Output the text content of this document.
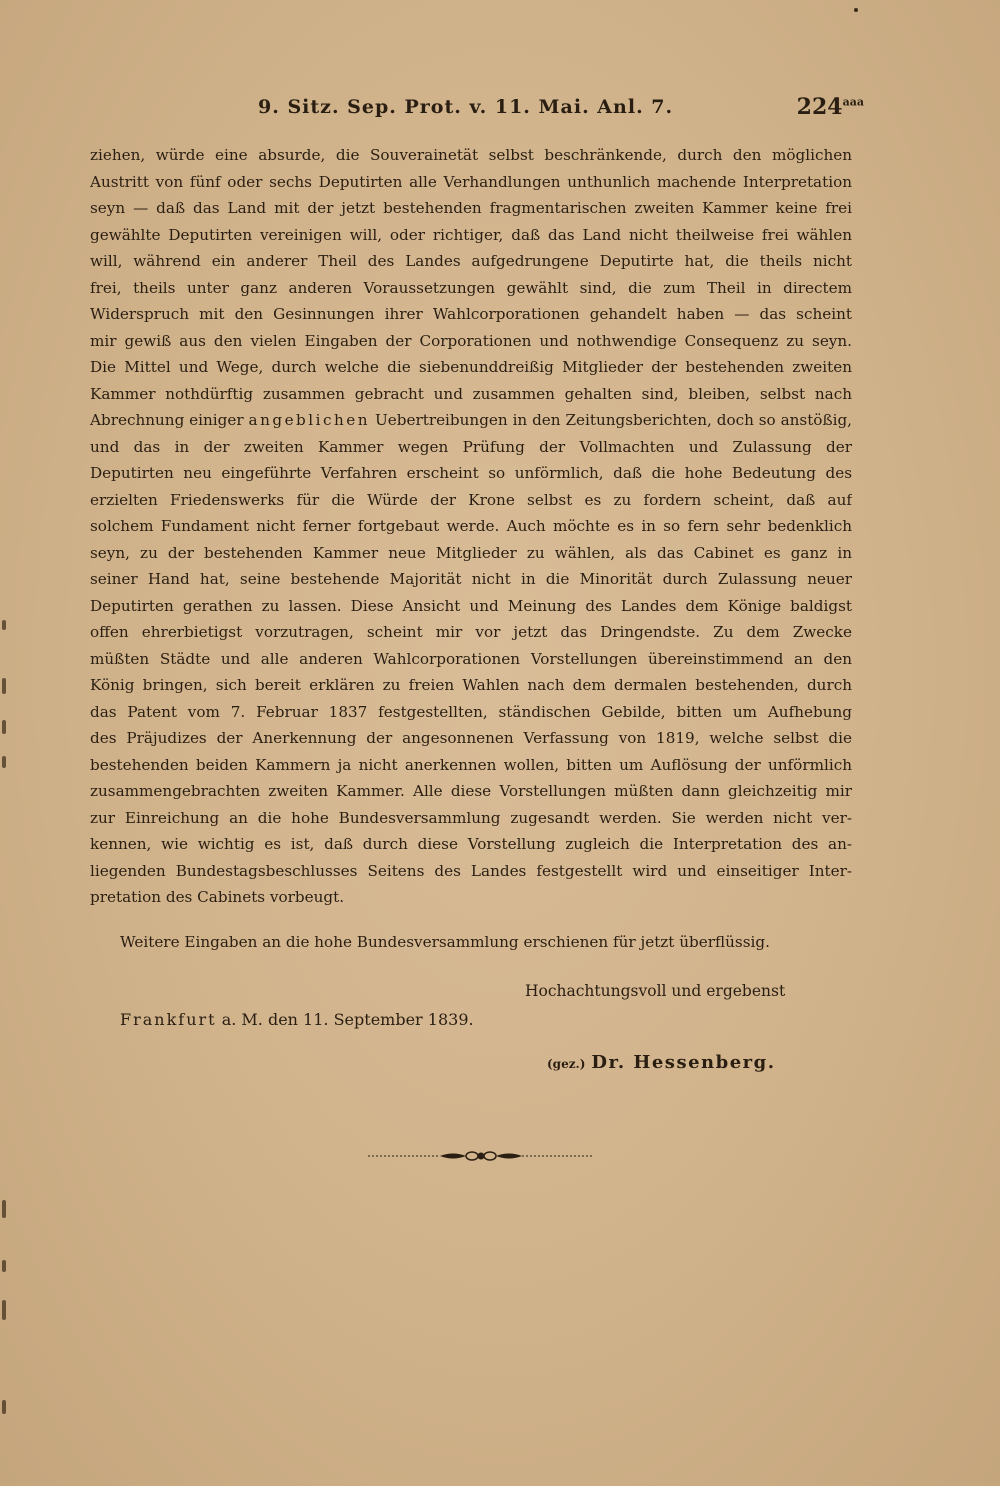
9. Sitz. Sep. Prot. v. 11. Mai. Anl. 7.	$224^{aaa}$
ziehen, würde eine absurde, die Souverainetät selbst beschränkende, durch den möglichen
Austritt von fünf oder sechs Deputirten alle Verhandlungen unthunlich machende Interpretation
seyn — daß das Land mit der jetzt bestehenden fragmentarischen zweiten Kammer keine frei
gewählte Deputirten vereinigen will, oder richtiger, daß das Land nicht theilweise frei wählen
will, während ein anderer Theil des Landes aufgedrungene Deputirte hat, die theils nicht
frei, theils unter ganz anderen Voraussetzungen gewählt sind, die zum Theil in directem
Widerspruch mit den Gesinnungen ihrer Wahlcorporationen gehandelt haben — das scheint
mir gewiß aus den vielen Eingaben der Corporationen und nothwendige Consequenz zu seyn.
Die Mittel und Wege, durch welche die siebenunddreißig Mitglieder der bestehenden zweiten
Kammer nothdürftig zusammen gebracht und zusammen gehalten sind, bleiben, selbst nach
Abrechnung einiger angeblichen Uebertreibungen in den Zeitungsberichten, doch so anstößig,
und das in der zweiten Kammer wegen Prüfung der Vollmachten und Zulassung der
Deputirten neu eingeführte Verfahren erscheint so unförmlich, daß die hohe Bedeutung des
erzielten Friedenswerks für die Würde der Krone selbst es zu fordern scheint, daß auf
solchem Fundament nicht ferner fortgebaut werde. Auch möchte es in so fern sehr bedenklich
seyn, zu der bestehenden Kammer neue Mitglieder zu wählen, als das Cabinet es ganz in
seiner Hand hat, seine bestehende Majorität nicht in die Minorität durch Zulassung neuer
Deputirten gerathen zu lassen. Diese Ansicht und Meinung des Landes dem Könige baldigst
offen ehrerbietigst vorzutragen, scheint mir vor jetzt das Dringendste. Zu dem Zwecke
müßten Städte und alle anderen Wahlcorporationen Vorstellungen übereinstimmend an den
König bringen, sich bereit erklären zu freien Wahlen nach dem dermalen bestehenden, durch
das Patent vom 7. Februar 1837 festgestellten, ständischen Gebilde, bitten um Aufhebung
des Präjudizes der Anerkennung der angesonnenen Verfassung von 1819, welche selbst die
bestehenden beiden Kammern ja nicht anerkennen wollen, bitten um Auflösung der unförmlich
zusammengebrachten zweiten Kammer. Alle diese Vorstellungen müßten dann gleichzeitig mir
zur Einreichung an die hohe Bundesversammlung zugesandt werden. Sie werden nicht ver-
kennen, wie wichtig es ist, daß durch diese Vorstellung zugleich die Interpretation des an-
liegenden Bundestagsbeschlusses Seitens des Landes festgestellt wird und einseitiger Inter-
pretation des Cabinets vorbeugt.
Weitere Eingaben an die hohe Bundesversammlung erschienen für jetzt überflüssig.
Hochachtungsvoll und ergebenst
Frankfurt a. M. den 11. September 1839.
(gez.) Dr. Hessenberg.
